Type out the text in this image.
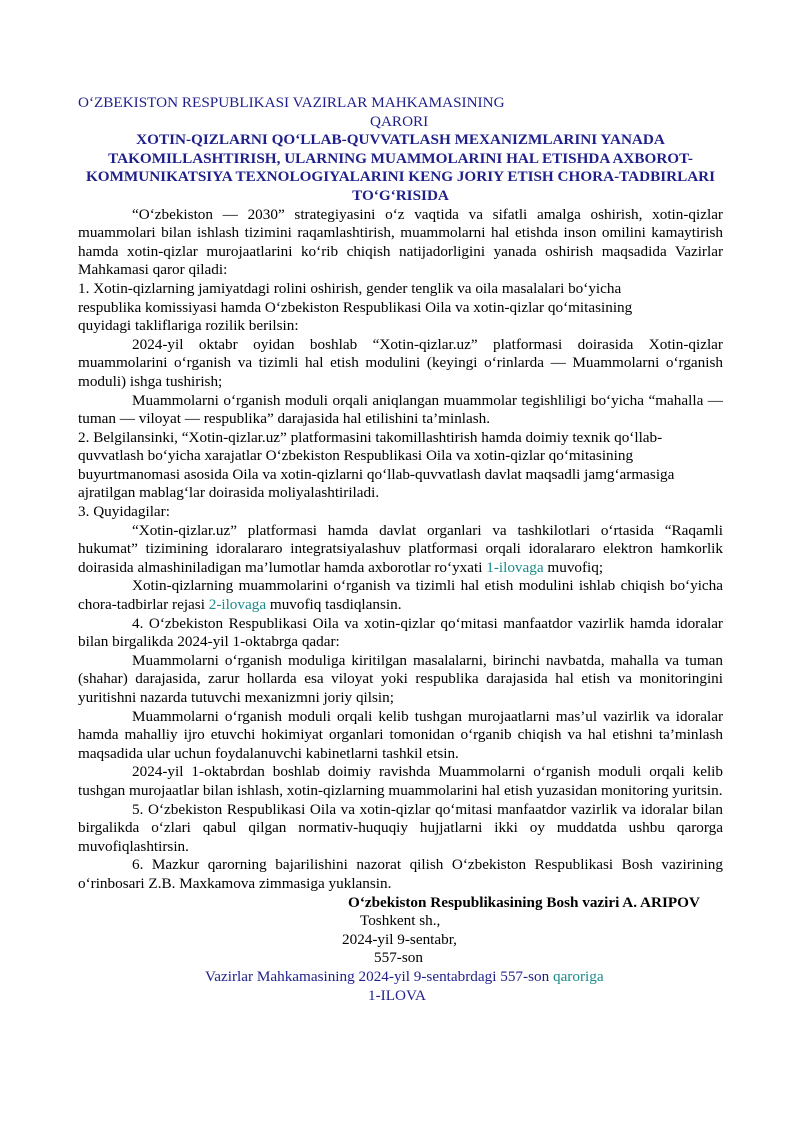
O‘ZBEKISTON RESPUBLIKASI VAZIRLAR MAHKAMASINING
QARORI
XOTIN-QIZLARNI QO‘LLAB-QUVVATLASH MEXANIZMLARINI YANADA TAKOMILLASHTIRISH, ULARNING MUAMMOLARINI HAL ETISHDA AXBOROT-KOMMUNIKATSIYA TEXNOLOGIYALARINI KENG JORIY ETISH CHORA-TADBIRLARI TO‘G‘RISIDA

“O‘zbekiston — 2030” strategiyasini o‘z vaqtida va sifatli amalga oshirish, xotin-qizlar muammolari bilan ishlash tizimini raqamlashtirish, muammolarni hal etishda inson omilini kamaytirish hamda xotin-qizlar murojaatlarini ko‘rib chiqish natijadorligini yanada oshirish maqsadida Vazirlar Mahkamasi qaror qiladi:

1. Xotin-qizlarning jamiyatdagi rolini oshirish, gender tenglik va oila masalalari bo‘yicha respublika komissiyasi hamda O‘zbekiston Respublikasi Oila va xotin-qizlar qo‘mitasining quyidagi takliflariga rozilik berilsin:

2024-yil oktabr oyidan boshlab “Xotin-qizlar.uz” platformasi doirasida Xotin-qizlar muammolarini o‘rganish va tizimli hal etish modulini (keyingi o‘rinlarda — Muammolarni o‘rganish moduli) ishga tushirish;

Muammolarni o‘rganish moduli orqali aniqlangan muammolar tegishliligi bo‘yicha “mahalla — tuman — viloyat — respublika” darajasida hal etilishini ta’minlash.

2. Belgilansinki, “Xotin-qizlar.uz” platformasini takomillashtirish hamda doimiy texnik qo‘llab-quvvatlash bo‘yicha xarajatlar O‘zbekiston Respublikasi Oila va xotin-qizlar qo‘mitasining buyurtmanomasi asosida Oila va xotin-qizlarni qo‘llab-quvvatlash davlat maqsadli jamg‘armasiga ajratilgan mablag‘lar doirasida moliyalashtiriladi.

3. Quyidagilar:

“Xotin-qizlar.uz” platformasi hamda davlat organlari va tashkilotlari o‘rtasida “Raqamli hukumat” tizimining idoralararo integratsiyalashuv platformasi orqali idoralararo elektron hamkorlik doirasida almashiniladigan ma’lumotlar hamda axborotlar ro‘yxati 1-ilovaga muvofiq;

Xotin-qizlarning muammolarini o‘rganish va tizimli hal etish modulini ishlab chiqish bo‘yicha chora-tadbirlar rejasi 2-ilovaga muvofiq tasdiqlansin.

4. O‘zbekiston Respublikasi Oila va xotin-qizlar qo‘mitasi manfaatdor vazirlik hamda idoralar bilan birgalikda 2024-yil 1-oktabrga qadar:

Muammolarni o‘rganish moduliga kiritilgan masalalarni, birinchi navbatda, mahalla va tuman (shahar) darajasida, zarur hollarda esa viloyat yoki respublika darajasida hal etish va monitoringini yuritishni nazarda tutuvchi mexanizmni joriy qilsin;

Muammolarni o‘rganish moduli orqali kelib tushgan murojaatlarni mas’ul vazirlik va idoralar hamda mahalliy ijro etuvchi hokimiyat organlari tomonidan o‘rganib chiqish va hal etishni ta’minlash maqsadida ular uchun foydalanuvchi kabinetlarni tashkil etsin.

2024-yil 1-oktabrdan boshlab doimiy ravishda Muammolarni o‘rganish moduli orqali kelib tushgan murojaatlar bilan ishlash, xotin-qizlarning muammolarini hal etish yuzasidan monitoring yuritsin.

5. O‘zbekiston Respublikasi Oila va xotin-qizlar qo‘mitasi manfaatdor vazirlik va idoralar bilan birgalikda o‘zlari qabul qilgan normativ-huquqiy hujjatlarni ikki oy muddatda ushbu qarorga muvofiqlashtirsin.

6. Mazkur qarorning bajarilishini nazorat qilish O‘zbekiston Respublikasi Bosh vazirining o‘rinbosari Z.B. Maxkamova zimmasiga yuklansin.

O‘zbekiston Respublikasining Bosh vaziri A. ARIPOV
Toshkent sh.,
2024-yil 9-sentabr,
557-son
Vazirlar Mahkamasining 2024-yil 9-sentabrdagi 557-son qaroriga
1-ILOVA
